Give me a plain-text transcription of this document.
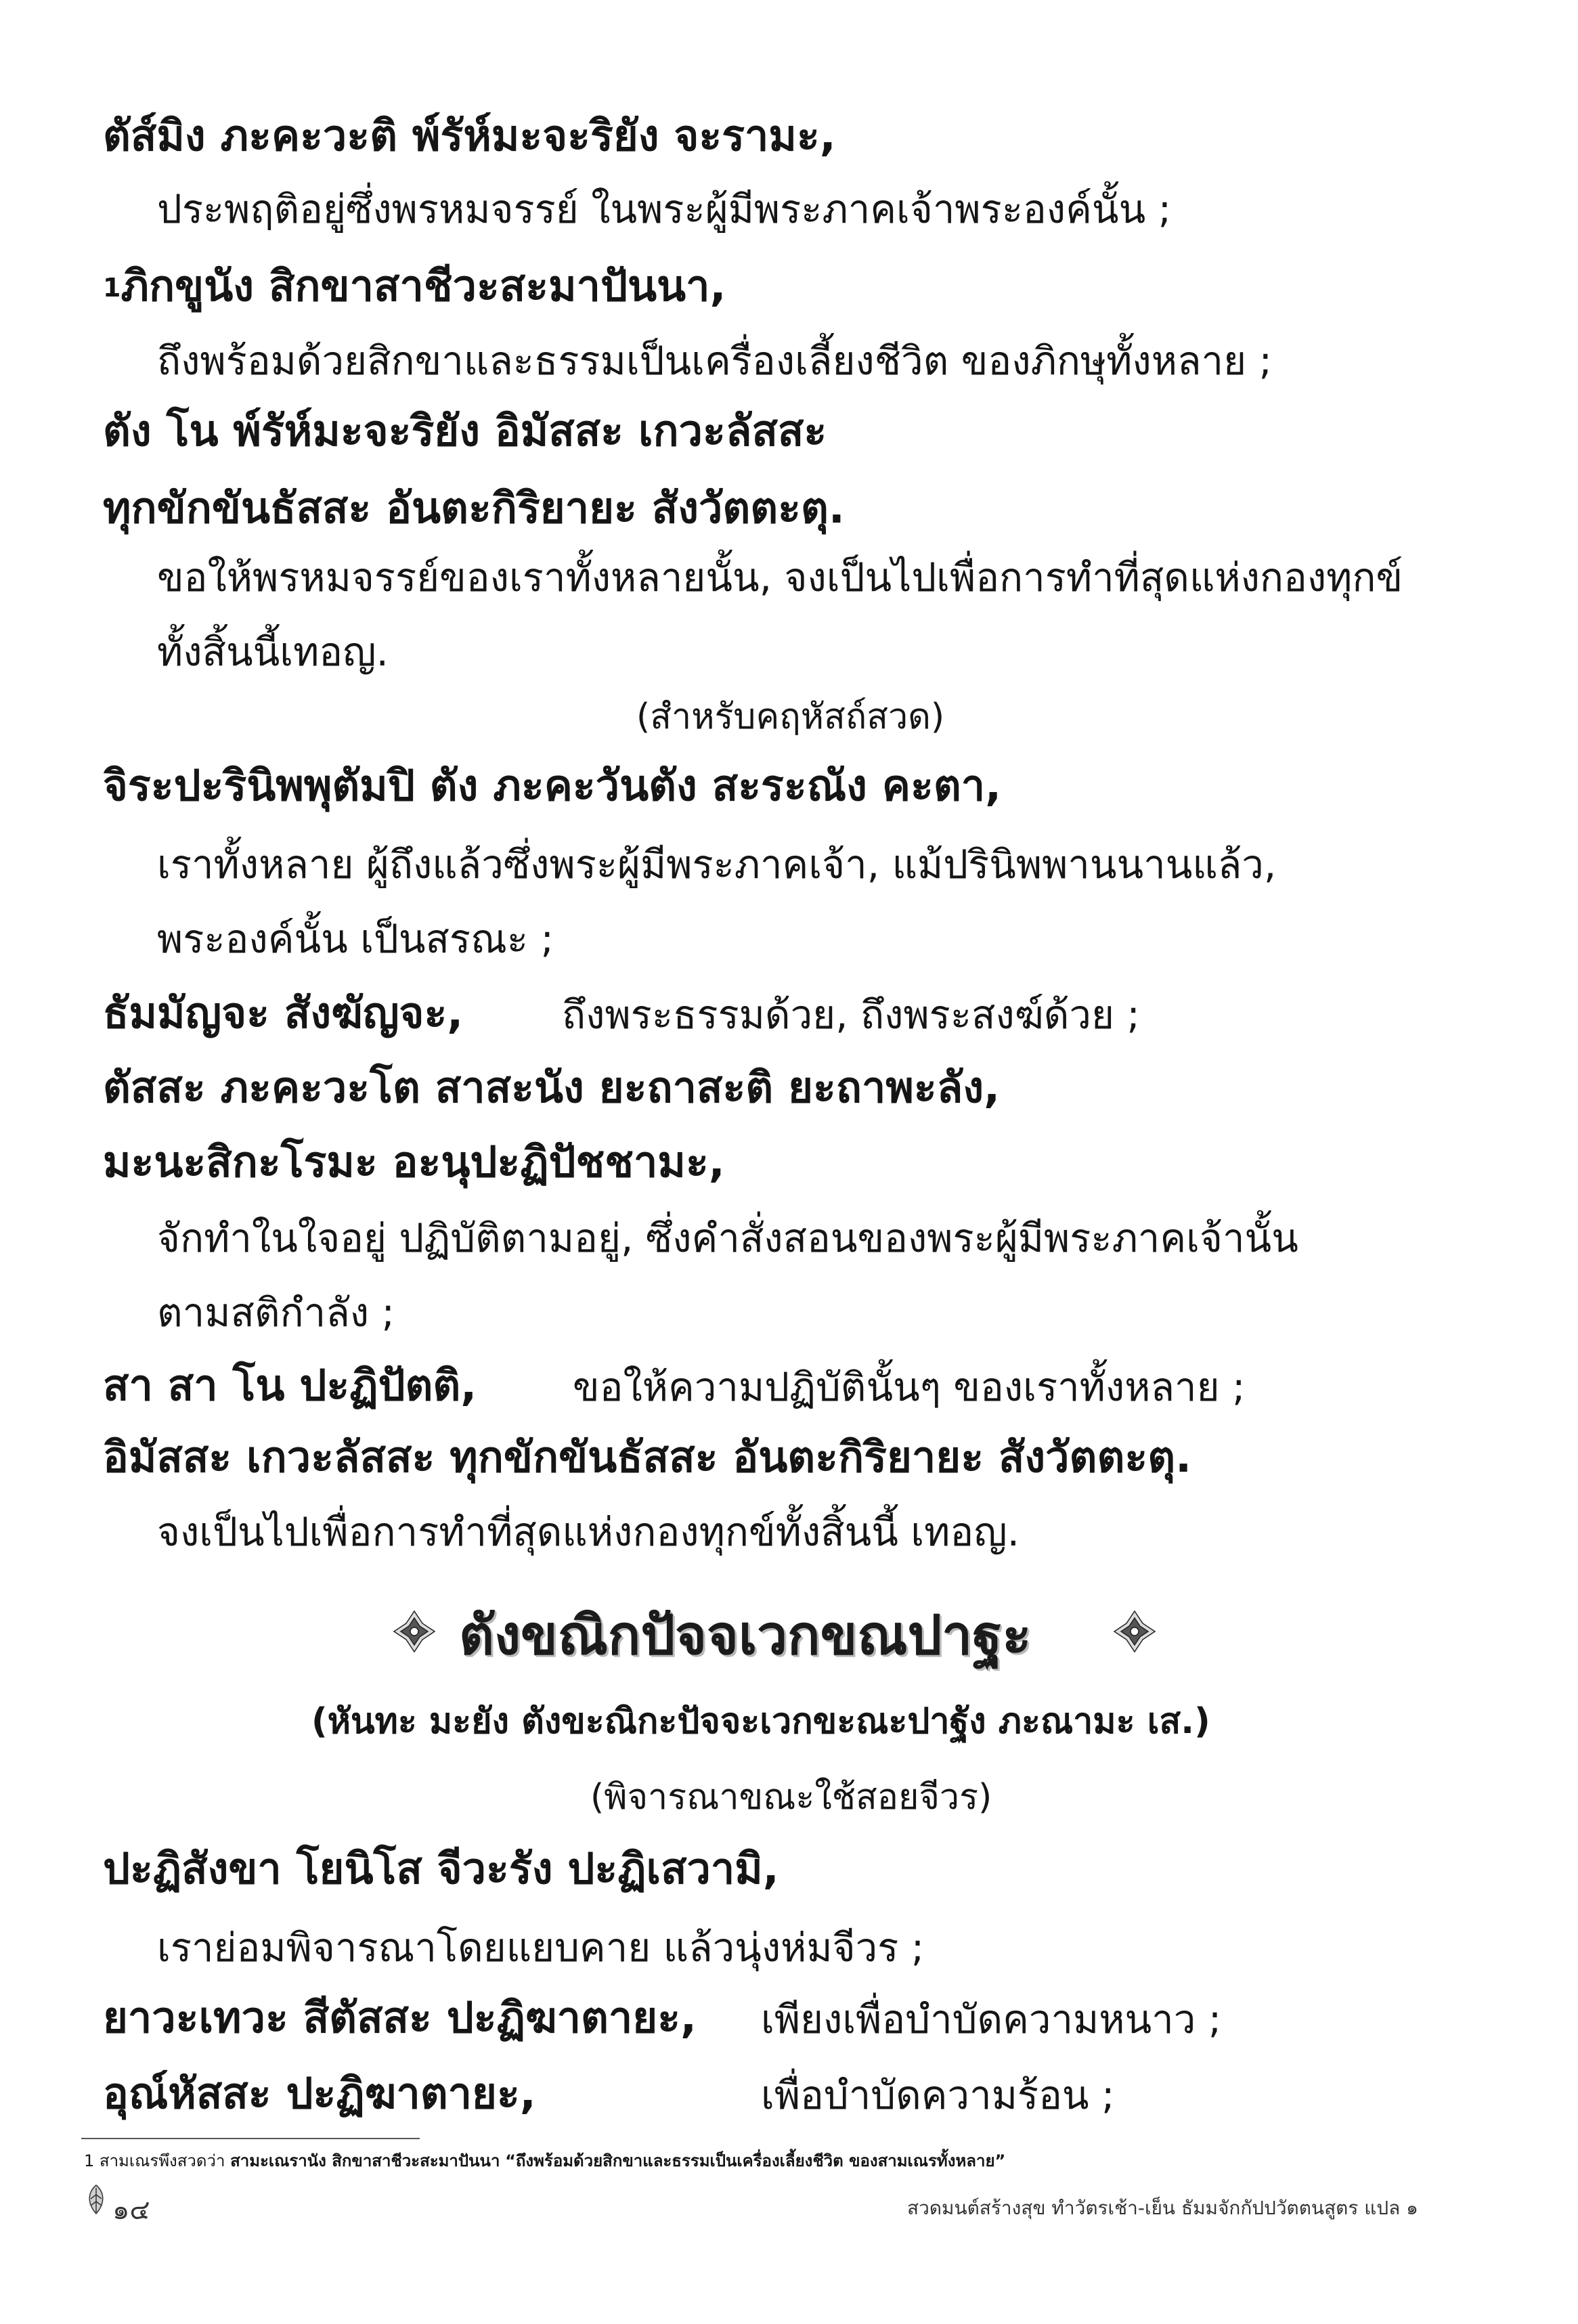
ตัส์มิง ภะคะวะติ พ์รัห์มะจะริยัง จะรามะ,
ประพฤติอยู่ซึ่งพรหมจรรย์ ในพระผู้มีพระภาคเจ้าพระองค์นั้น ;
$^1$ภิกขูนัง สิกขาสาชีวะสะมาปันนา,
ถึงพร้อมด้วยสิกขาและธรรมเป็นเครื่องเลี้ยงชีวิต ของภิกษุทั้งหลาย ;
ตัง โน พ์รัห์มะจะริยัง อิมัสสะ เกวะลัสสะ
ทุกขักขันธัสสะ อันตะกิริยายะ สังวัตตะตุ.
ขอให้พรหมจรรย์ของเราทั้งหลายนั้น, จงเป็นไปเพื่อการทำที่สุดแห่งกองทุกข์
ทั้งสิ้นนี้เทอญ.
(สำหรับคฤหัสถ์สวด)
จิระปะรินิพพุตัมปิ ตัง ภะคะวันตัง สะระณัง คะตา,
เราทั้งหลาย ผู้ถึงแล้วซึ่งพระผู้มีพระภาคเจ้า, แม้ปรินิพพานนานแล้ว,
พระองค์นั้น เป็นสรณะ ;
ธัมมัญจะ สังฆัญจะ,	ถึงพระธรรมด้วย, ถึงพระสงฆ์ด้วย ;
ตัสสะ ภะคะวะโต สาสะนัง ยะถาสะติ ยะถาพะลัง,
มะนะสิกะโรมะ อะนุปะฏิปัชชามะ,
จักทำในใจอยู่ ปฏิบัติตามอยู่, ซึ่งคำสั่งสอนของพระผู้มีพระภาคเจ้านั้น
ตามสติกำลัง ;
สา สา โน ปะฏิปัตติ, ขอให้ความปฏิบัตินั้นๆ ของเราทั้งหลาย ;
อิมัสสะ เกวะลัสสะ ทุกขักขันธัสสะ อันตะกิริยายะ สังวัตตะตุ.
จงเป็นไปเพื่อการทำที่สุดแห่งกองทุกข์ทั้งสิ้นนี้ เทอญ.
ตังขณิกปัจจเวกขณปาฐะ
(หันทะ มะยัง ตังขะณิกะปัจจะเวกขะณะปาฐัง ภะณามะ เส.)
(พิจารณาขณะใช้สอยจีวร)
ปะฏิสังขา โยนิโส จีวะรัง ปะฏิเสวามิ,
เราย่อมพิจารณาโดยแยบคาย แล้วนุ่งห่มจีวร ;
ยาวะเทวะ สีตัสสะ ปะฏิฆาตายะ, เพียงเพื่อบำบัดความหนาว ;
อุณ์หัสสะ ปะฏิฆาตายะ,	เพื่อบำบัดความร้อน ;
1 สามเณรพึงสวดว่า สามะเณรานัง สิกขาสาชีวะสะมาปันนา “ถึงพร้อมด้วยสิกขาและธรรมเป็นเครื่องเลี้ยงชีวิต ของสามเณรทั้งหลาย”
๑๔	สวดมนต์สร้างสุข ทำวัตรเช้า-เย็น ธัมมจักกัปปวัตตนสูตร แปล ๑
